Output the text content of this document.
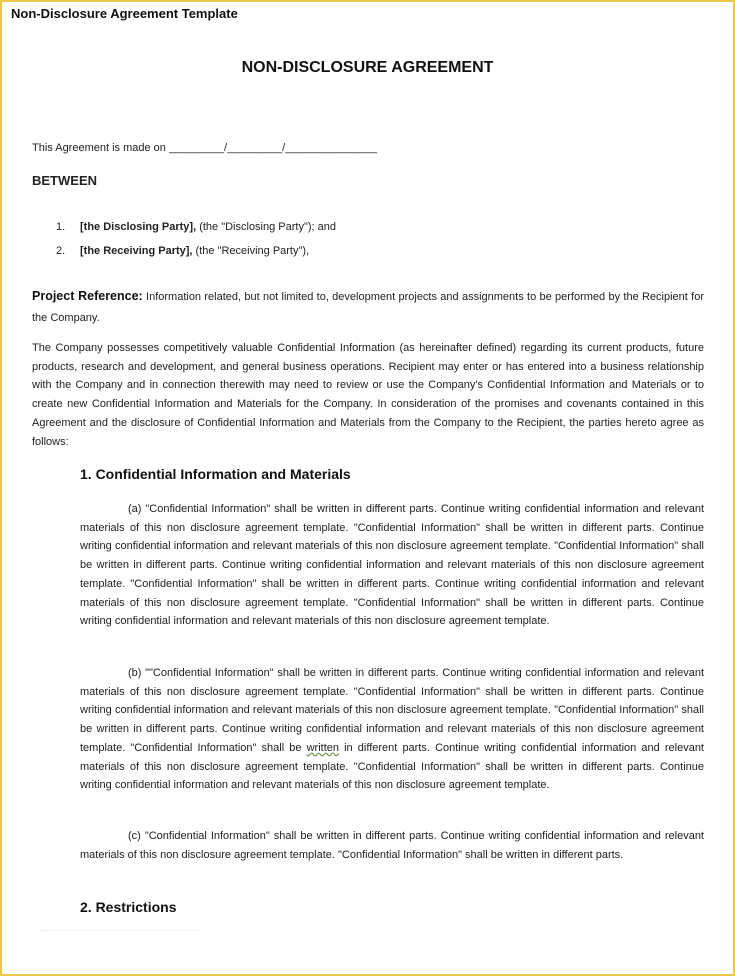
Non-Disclosure Agreement Template
NON-DISCLOSURE AGREEMENT
This Agreement is made on _________/_________/_______________
BETWEEN
1. [the Disclosing Party], (the "Disclosing Party"); and
2. [the Receiving Party], (the "Receiving Party"),
Project Reference: Information related, but not limited to, development projects and assignments to be performed by the Recipient for the Company.
The Company possesses competitively valuable Confidential Information (as hereinafter defined) regarding its current products, future products, research and development, and general business operations. Recipient may enter or has entered into a business relationship with the Company and in connection therewith may need to review or use the Company's Confidential Information and Materials or to create new Confidential Information and Materials for the Company. In consideration of the promises and covenants contained in this Agreement and the disclosure of Confidential Information and Materials from the Company to the Recipient, the parties hereto agree as follows:
1. Confidential Information and Materials
(a) "Confidential Information" shall be written in different parts. Continue writing confidential information and relevant materials of this non disclosure agreement template. "Confidential Information" shall be written in different parts. Continue writing confidential information and relevant materials of this non disclosure agreement template. "Confidential Information" shall be written in different parts. Continue writing confidential information and relevant materials of this non disclosure agreement template. "Confidential Information" shall be written in different parts. Continue writing confidential information and relevant materials of this non disclosure agreement template. "Confidential Information" shall be written in different parts. Continue writing confidential information and relevant materials of this non disclosure agreement template.
(b) ""Confidential Information" shall be written in different parts. Continue writing confidential information and relevant materials of this non disclosure agreement template. "Confidential Information" shall be written in different parts. Continue writing confidential information and relevant materials of this non disclosure agreement template. "Confidential Information" shall be written in different parts. Continue writing confidential information and relevant materials of this non disclosure agreement template. "Confidential Information" shall be written in different parts. Continue writing confidential information and relevant materials of this non disclosure agreement template. "Confidential Information" shall be written in different parts. Continue writing confidential information and relevant materials of this non disclosure agreement template.
(c) "Confidential Information" shall be written in different parts. Continue writing confidential information and relevant materials of this non disclosure agreement template. "Confidential Information" shall be written in different parts.
2. Restrictions
